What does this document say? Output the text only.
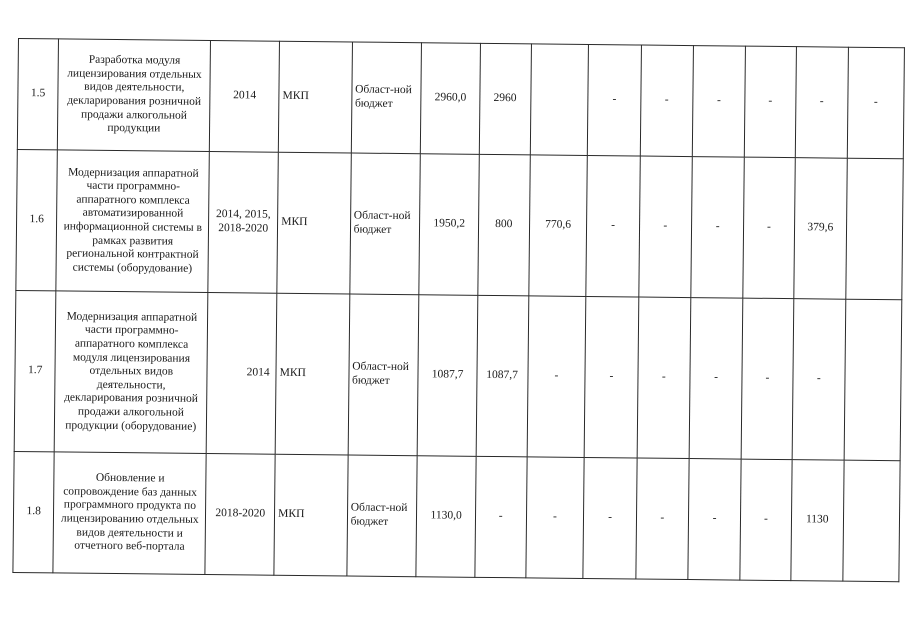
1.5	Разработка модуля лицензирования отдельных видов деятельности, декларирования розничной продажи алкогольной продукции	2014	МКП	Област-ной бюджет	2960,0	2960		-	-	-	-	-	-
1.6	Модернизация аппаратной части программно-аппаратного комплекса автоматизированной информационной системы в рамках развития региональной контрактной системы (оборудование)	2014, 2015, 2018-2020	МКП	Област-ной бюджет	1950,2	800	770,6	-	-	-	-	379,6	
1.7	Модернизация аппаратной части программно-аппаратного комплекса модуля лицензирования отдельных видов деятельности, декларирования розничной продажи алкогольной продукции (оборудование)	2014	МКП	Област-ной бюджет	1087,7	1087,7	-	-	-	-	-	-	
1.8	Обновление и сопровождение баз данных программного продукта по лицензированию отдельных видов деятельности и отчетного веб-портала	2018-2020	МКП	Област-ной бюджет	1130,0	-	-	-	-	-	-	1130	
